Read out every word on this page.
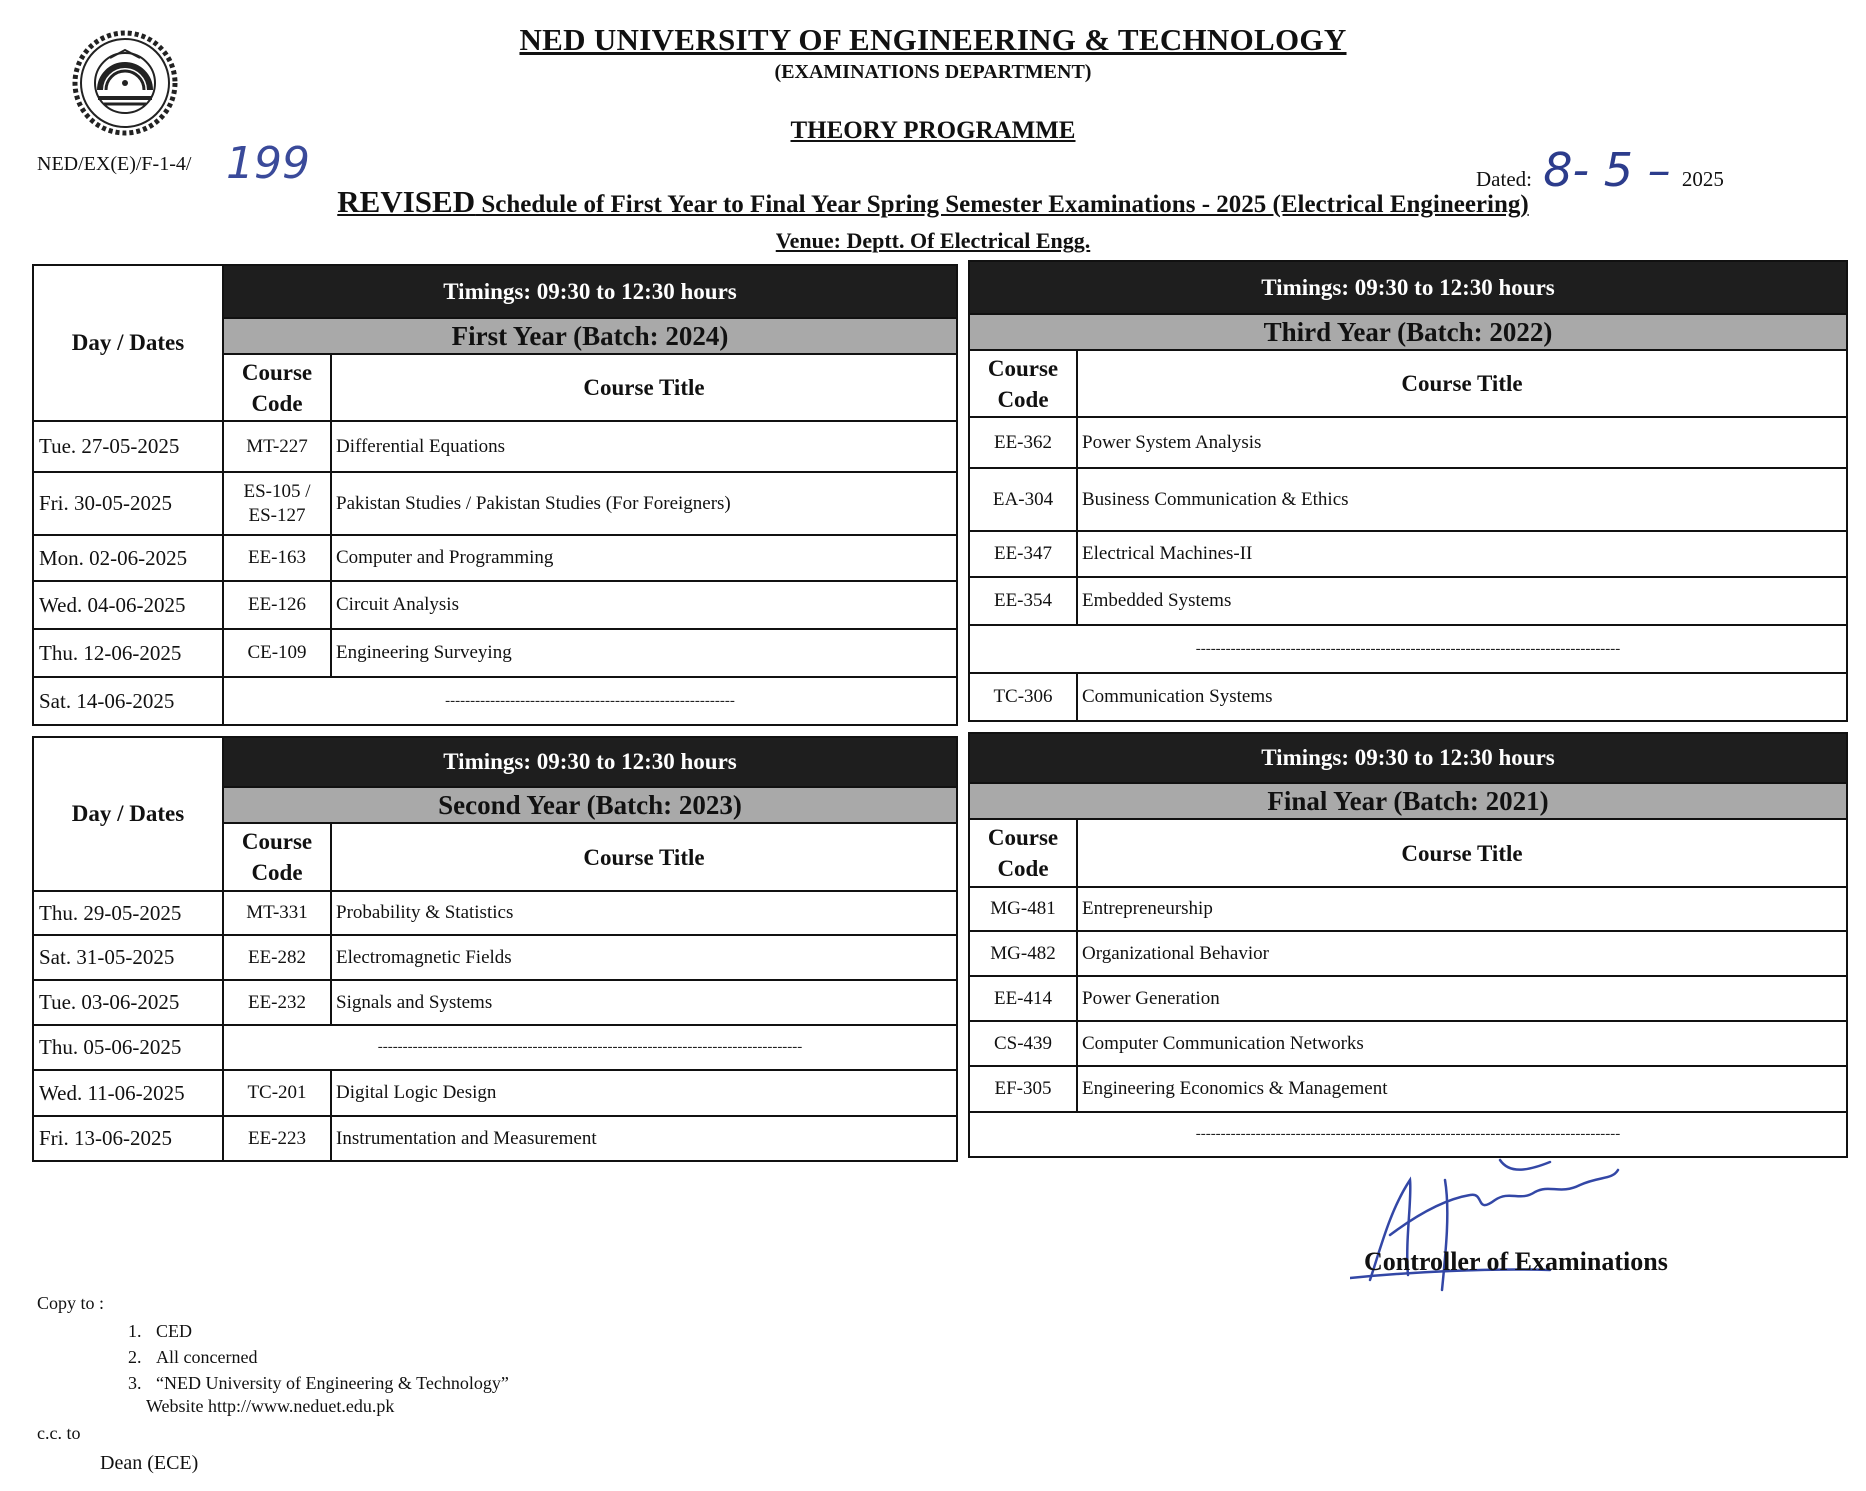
NED UNIVERSITY OF ENGINEERING & TECHNOLOGY
(EXAMINATIONS DEPARTMENT)
THEORY PROGRAMME
NED/EX(E)/F-1-4/ 199	Dated: 8- 5 – 2025
REVISED Schedule of First Year to Final Year Spring Semester Examinations - 2025 (Electrical Engineering)
Venue: Deptt. Of Electrical Engg.
Day / Dates	Timings: 09:30 to 12:30 hours	
	First Year (Batch: 2024)	
	Course Code	Course Title
Tue. 27-05-2025	MT-227	Differential Equations
Fri. 30-05-2025	ES-105 / ES-127	Pakistan Studies / Pakistan Studies (For Foreigners)
Mon. 02-06-2025	EE-163	Computer and Programming
Wed. 04-06-2025	EE-126	Circuit Analysis
Thu. 12-06-2025	CE-109	Engineering Surveying
Sat. 14-06-2025	----------------------------------------------------------	
Timings: 09:30 to 12:30 hours	
Third Year (Batch: 2022)	
Course Code	Course Title
EE-362	Power System Analysis
EA-304	Business Communication & Ethics
EE-347	Electrical Machines-II
EE-354	Embedded Systems
-------------------------------------------------------------------------------------	
TC-306	Communication Systems
Day / Dates	Timings: 09:30 to 12:30 hours	
	Second Year (Batch: 2023)	
	Course Code	Course Title
Thu. 29-05-2025	MT-331	Probability & Statistics
Sat. 31-05-2025	EE-282	Electromagnetic Fields
Tue. 03-06-2025	EE-232	Signals and Systems
Thu. 05-06-2025	-------------------------------------------------------------------------------------	
Wed. 11-06-2025	TC-201	Digital Logic Design
Fri. 13-06-2025	EE-223	Instrumentation and Measurement
Timings: 09:30 to 12:30 hours	
Final Year (Batch: 2021)	
Course Code	Course Title
MG-481	Entrepreneurship
MG-482	Organizational Behavior
EE-414	Power Generation
CS-439	Computer Communication Networks
EF-305	Engineering Economics & Management
-------------------------------------------------------------------------------------	
Controller of Examinations
Copy to :
1. CED
2. All concerned
3. “NED University of Engineering & Technology”
Website http://www.neduet.edu.pk
c.c. to
Dean (ECE)
